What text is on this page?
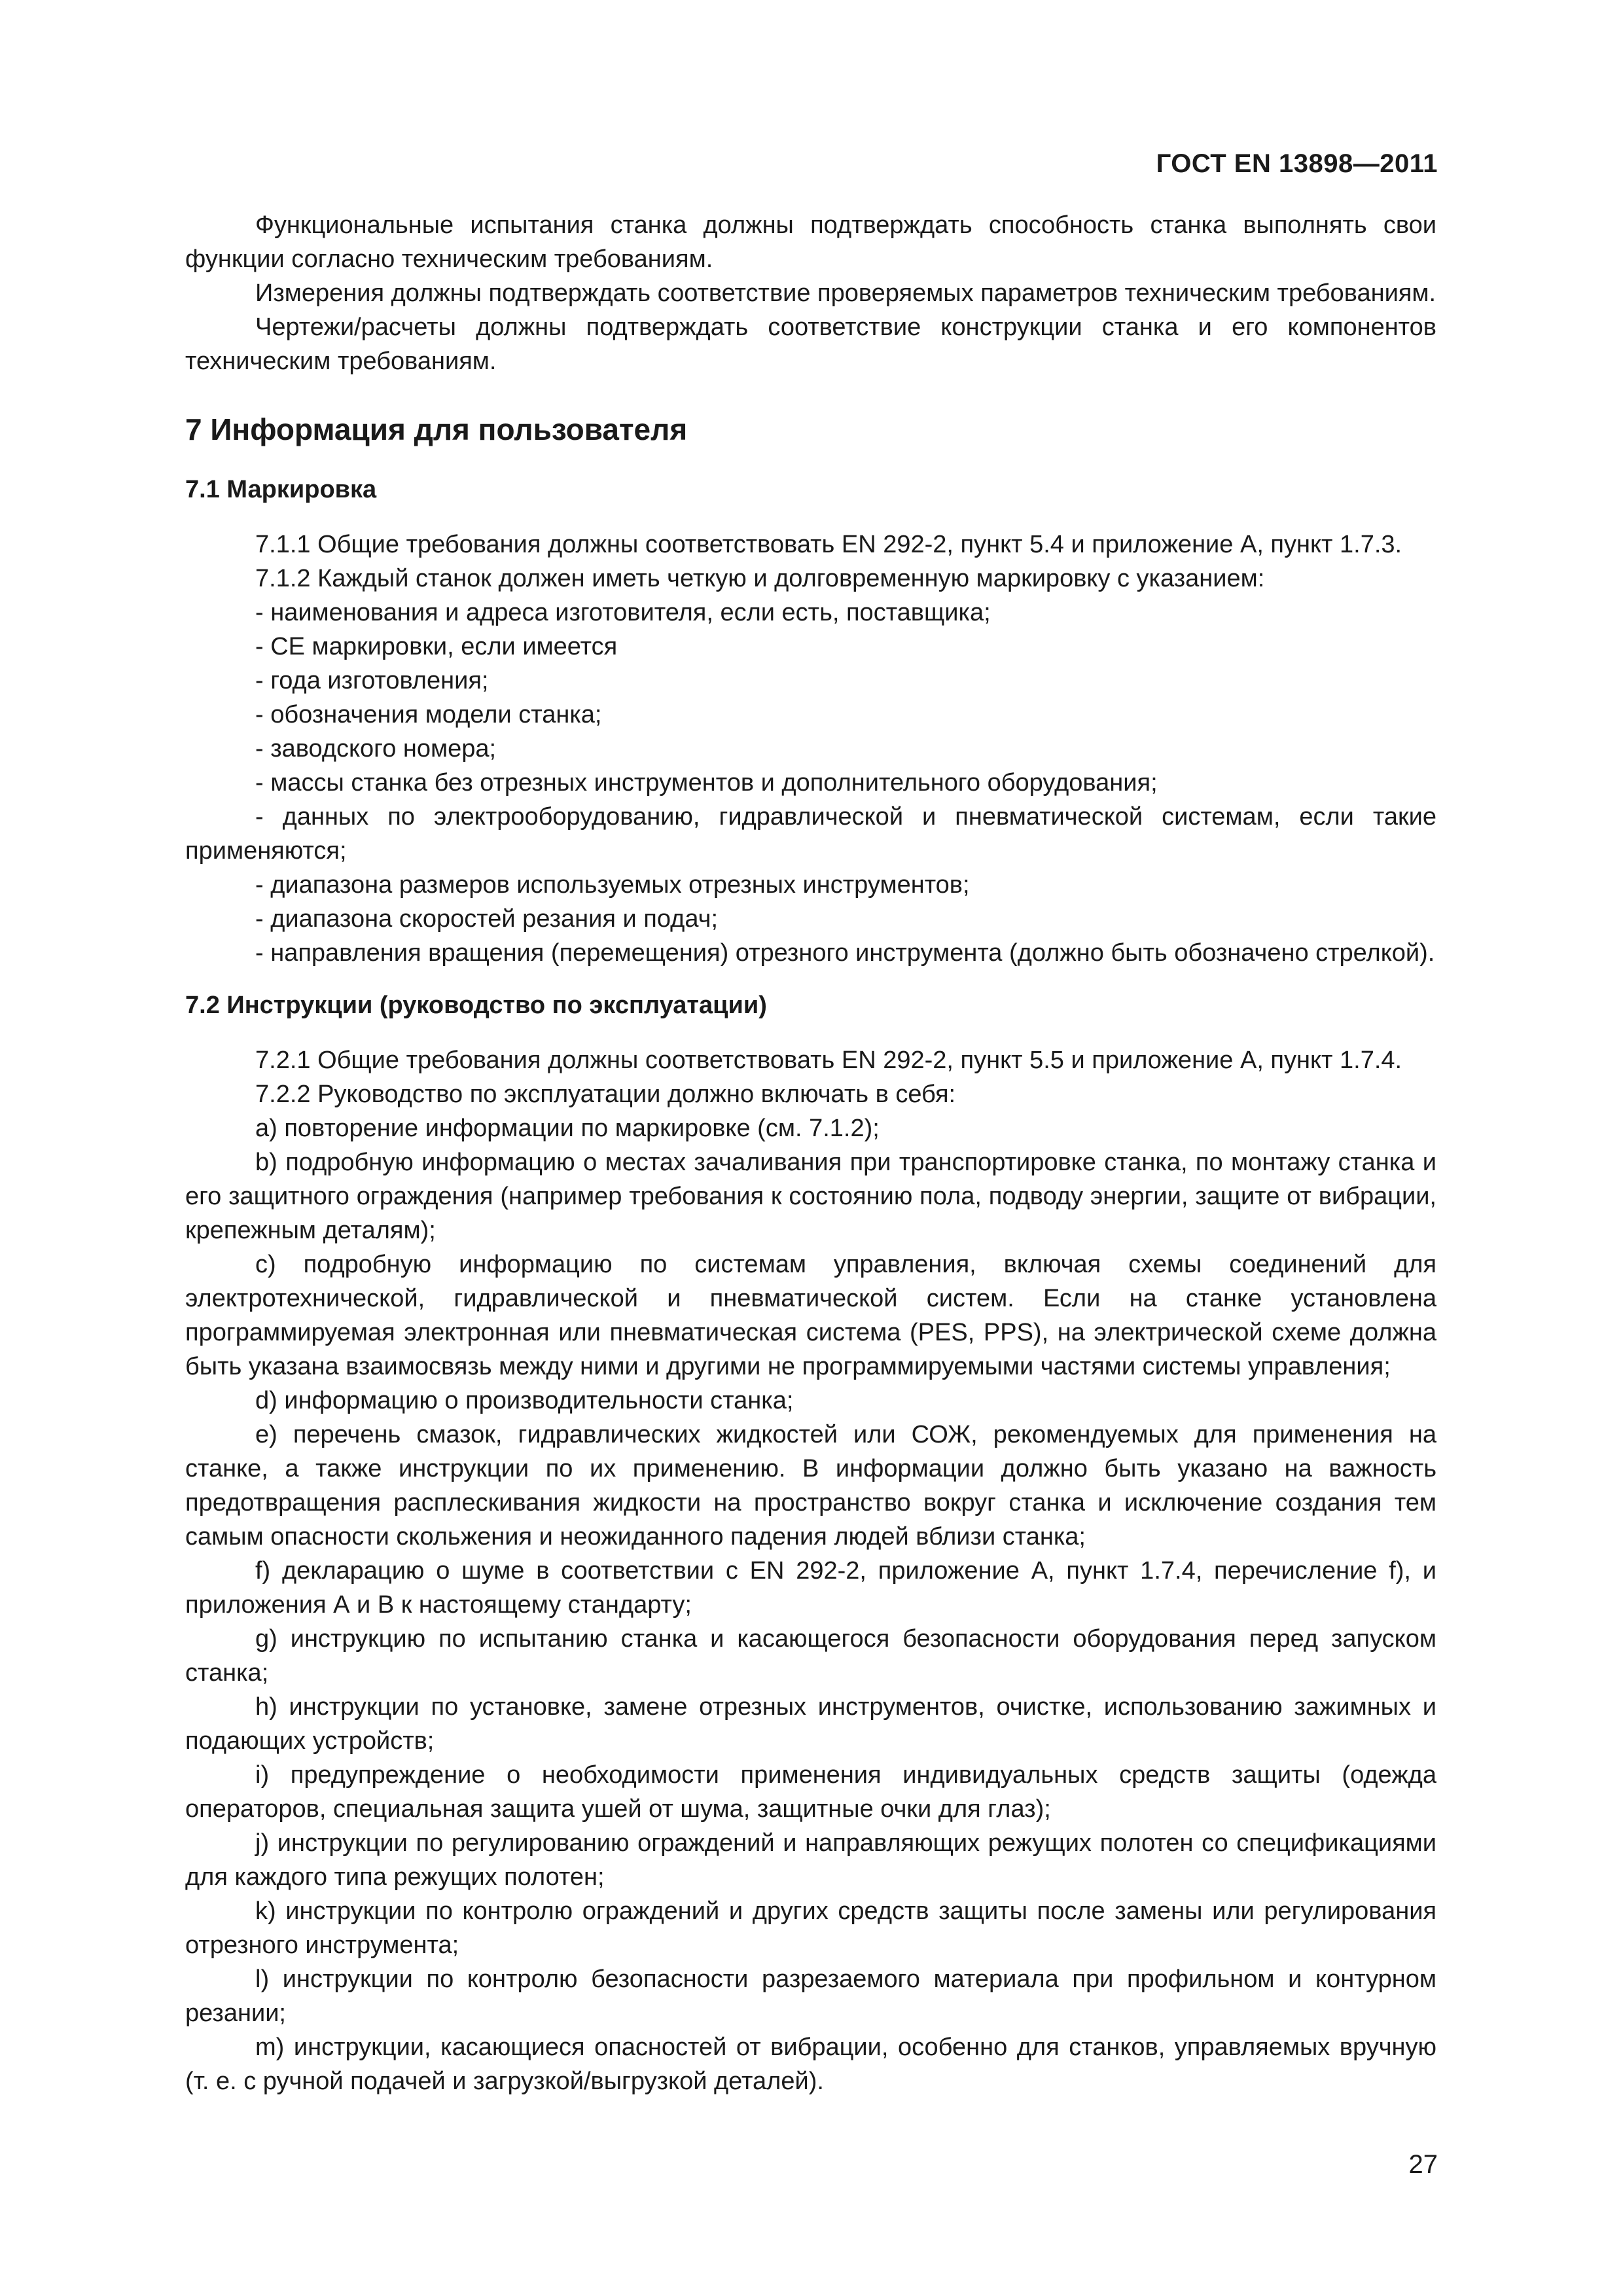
ГОСТ EN 13898—2011

Функциональные испытания станка должны подтверждать способность станка выполнять свои функции согласно техническим требованиям.

Измерения должны подтверждать соответствие проверяемых параметров техническим требованиям.

Чертежи/расчеты должны подтверждать соответствие конструкции станка и его компонентов техническим требованиям.

7 Информация для пользователя
7.1 Маркировка

7.1.1 Общие требования должны соответствовать EN 292-2, пункт 5.4 и приложение А, пункт 1.7.3.

7.1.2 Каждый станок должен иметь четкую и долговременную маркировку с указанием:

- наименования и адреса изготовителя, если есть, поставщика;

- CE маркировки, если имеется

- года изготовления;

- обозначения модели станка;

- заводского номера;

- массы станка без отрезных инструментов и дополнительного оборудования;

- данных по электрооборудованию, гидравлической и пневматической системам, если такие применяются;

- диапазона размеров используемых отрезных инструментов;

- диапазона скоростей резания и подач;

- направления вращения (перемещения) отрезного инструмента (должно быть обозначено стрелкой).

7.2 Инструкции (руководство по эксплуатации)

7.2.1 Общие требования должны соответствовать EN 292-2, пункт 5.5 и приложение А, пункт 1.7.4.

7.2.2 Руководство по эксплуатации должно включать в себя:

а) повторение информации по маркировке (см. 7.1.2);

b) подробную информацию о местах зачаливания при транспортировке станка, по монтажу станка и его защитного ограждения (например требования к состоянию пола, подводу энергии, защите от вибрации, крепежным деталям);

с) подробную информацию по системам управления, включая схемы соединений для электротехнической, гидравлической и пневматической систем. Если на станке установлена программируемая электронная или пневматическая система (PES, PPS), на электрической схеме должна быть указана взаимосвязь между ними и другими не программируемыми частями системы управления;

d) информацию о производительности станка;

е) перечень смазок, гидравлических жидкостей или СОЖ, рекомендуемых для применения на станке, а также инструкции по их применению. В информации должно быть указано на важность предотвращения расплескивания жидкости на пространство вокруг станка и исключение создания тем самым опасности скольжения и неожиданного падения людей вблизи станка;

f) декларацию о шуме в соответствии с EN 292-2, приложение А, пункт 1.7.4, перечисление f), и приложения А и В к настоящему стандарту;

g) инструкцию по испытанию станка и касающегося безопасности оборудования перед запуском станка;

h) инструкции по установке, замене отрезных инструментов, очистке, использованию зажимных и подающих устройств;

i) предупреждение о необходимости применения индивидуальных средств защиты (одежда операторов, специальная защита ушей от шума, защитные очки для глаз);

j) инструкции по регулированию ограждений и направляющих режущих полотен со спецификациями для каждого типа режущих полотен;

k) инструкции по контролю ограждений и других средств защиты после замены или регулирования отрезного инструмента;

l) инструкции по контролю безопасности разрезаемого материала при профильном и контурном резании;

m) инструкции, касающиеся опасностей от вибрации, особенно для станков, управляемых вручную (т. е. с ручной подачей и загрузкой/выгрузкой деталей).

27
